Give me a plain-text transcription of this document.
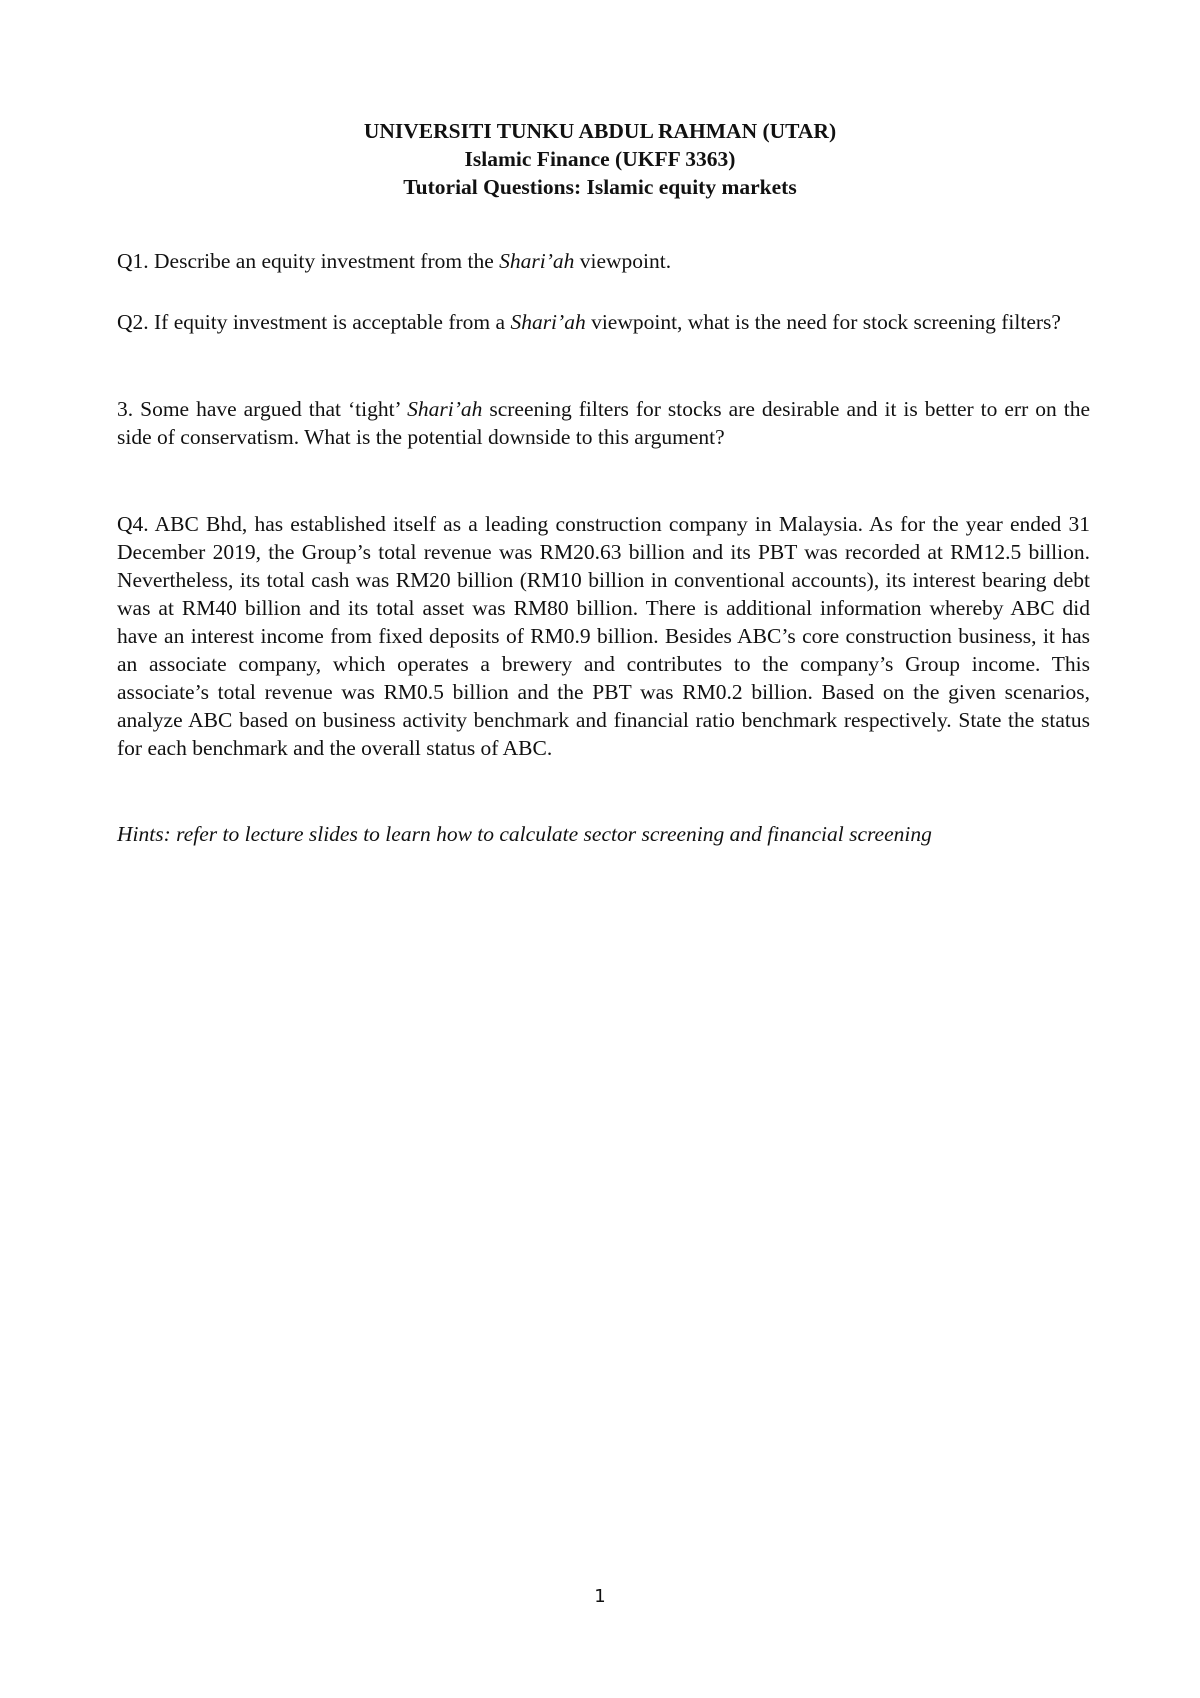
UNIVERSITI TUNKU ABDUL RAHMAN (UTAR)
Islamic Finance (UKFF 3363)
Tutorial Questions: Islamic equity markets

Q1. Describe an equity investment from the Shari’ah viewpoint.

Q2. If equity investment is acceptable from a Shari’ah viewpoint, what is the need for stock screening filters?

3. Some have argued that ‘tight’ Shari’ah screening filters for stocks are desirable and it is better to err on the side of conservatism. What is the potential downside to this argument?

Q4. ABC Bhd, has established itself as a leading construction company in Malaysia. As for the year ended 31 December 2019, the Group’s total revenue was RM20.63 billion and its PBT was recorded at RM12.5 billion. Nevertheless, its total cash was RM20 billion (RM10 billion in conventional accounts), its interest bearing debt was at RM40 billion and its total asset was RM80 billion. There is additional information whereby ABC did have an interest income from fixed deposits of RM0.9 billion. Besides ABC’s core construction business, it has an associate company, which operates a brewery and contributes to the company’s Group income. This associate’s total revenue was RM0.5 billion and the PBT was RM0.2 billion. Based on the given scenarios, analyze ABC based on business activity benchmark and financial ratio benchmark respectively. State the status for each benchmark and the overall status of ABC.

Hints: refer to lecture slides to learn how to calculate sector screening and financial screening

1
